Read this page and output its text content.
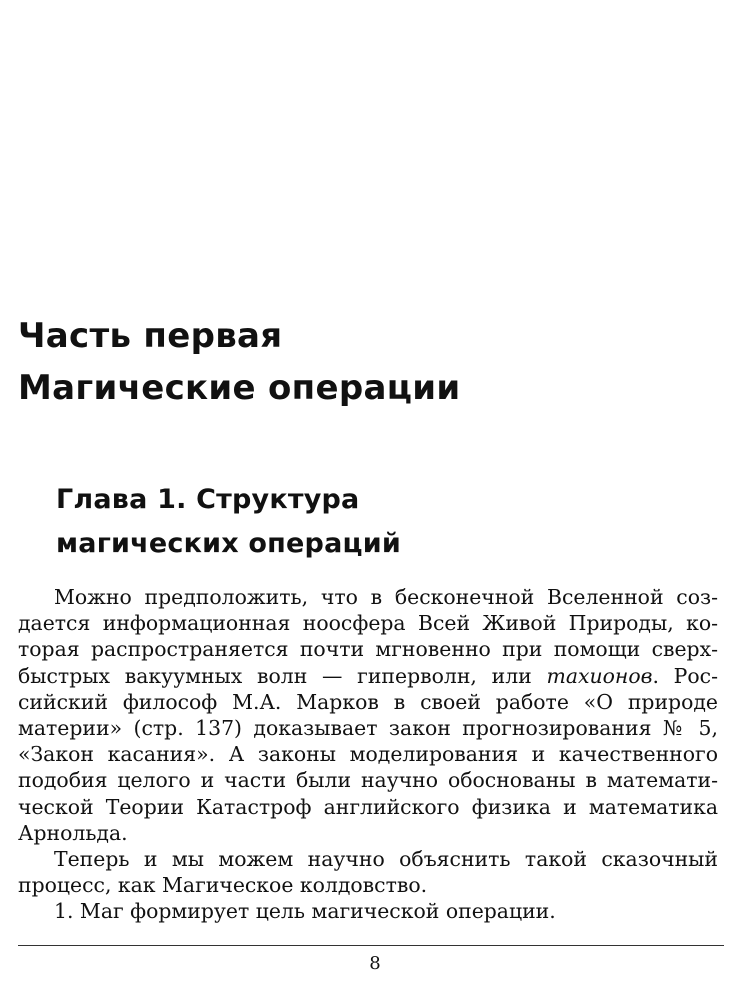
Часть первая
Магические операции
Глава 1. Структура
магических операций
Можно предположить, что в бесконечной Вселенной соз-
дается информационная ноосфера Всей Живой Природы, ко-
торая распространяется почти мгновенно при помощи сверх-
быстрых вакуумных волн — гиперволн, или тахионов. Рос-
сийский философ М.А. Марков в своей работе «О природе
материи» (стр. 137) доказывает закон прогнозирования № 5,
«Закон касания». А законы моделирования и качественного
подобия целого и части были научно обоснованы в математи-
ческой Теории Катастроф английского физика и математика
Арнольда.
Теперь и мы можем научно объяснить такой сказочный
процесс, как Магическое колдовство.
1. Маг формирует цель магической операции.
8
